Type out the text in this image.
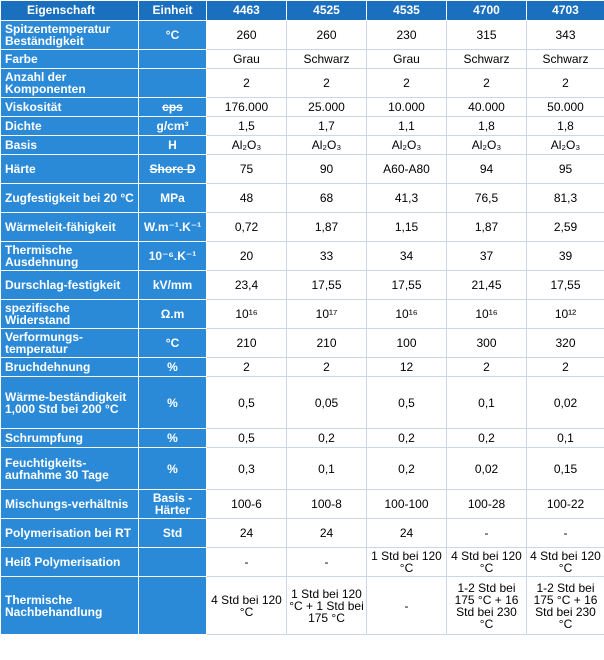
Eigenschaft	Einheit	4463	4525	4535	4700	4703
Spitzentemperatur Beständigkeit	°C	260	260	230	315	343
Farbe		Grau	Schwarz	Grau	Schwarz	Schwarz
Anzahl der Komponenten		2	2	2	2	2
Viskosität	cps	176.000	25.000	10.000	40.000	50.000
Dichte	g/cm³	1,5	1,7	1,1	1,8	1,8
Basis	H	Al₂O₃	Al₂O₃	Al₂O₃	Al₂O₃	Al₂O₃
Härte	Shore D	75	90	A60-A80	94	95
Zugfestigkeit bei 20 °C	MPa	48	68	41,3	76,5	81,3
Wärmeleit-fähigkeit	W.m⁻¹.K⁻¹	0,72	1,87	1,15	1,87	2,59
Thermische Ausdehnung	10⁻⁶.K⁻¹	20	33	34	37	39
Durschlag-festigkeit	kV/mm	23,4	17,55	17,55	21,45	17,55
spezifische Widerstand	Ω.m	10¹⁶	10¹⁷	10¹⁶	10¹⁶	10¹²
Verformungs-temperatur	°C	210	210	100	300	320
Bruchdehnung	%	2	2	12	2	2
Wärme-beständigkeit 1,000 Std bei 200 °C	%	0,5	0,05	0,5	0,1	0,02
Schrumpfung	%	0,5	0,2	0,2	0,2	0,1
Feuchtigkeits-aufnahme 30 Tage	%	0,3	0,1	0,2	0,02	0,15
Mischungs-verhältnis	Basis - Härter	100-6	100-8	100-100	100-28	100-22
Polymerisation bei RT	Std	24	24	24	-	-
Heiß Polymerisation		-	-	1 Std bei 120 °C	4 Std bei 120 °C	4 Std bei 120 °C
Thermische Nachbehandlung		4 Std bei 120 °C	1 Std bei 120 °C + 1 Std bei 175 °C	-	1-2 Std bei 175 °C + 16 Std bei 230 °C	1-2 Std bei 175 °C + 16 Std bei 230 °C
